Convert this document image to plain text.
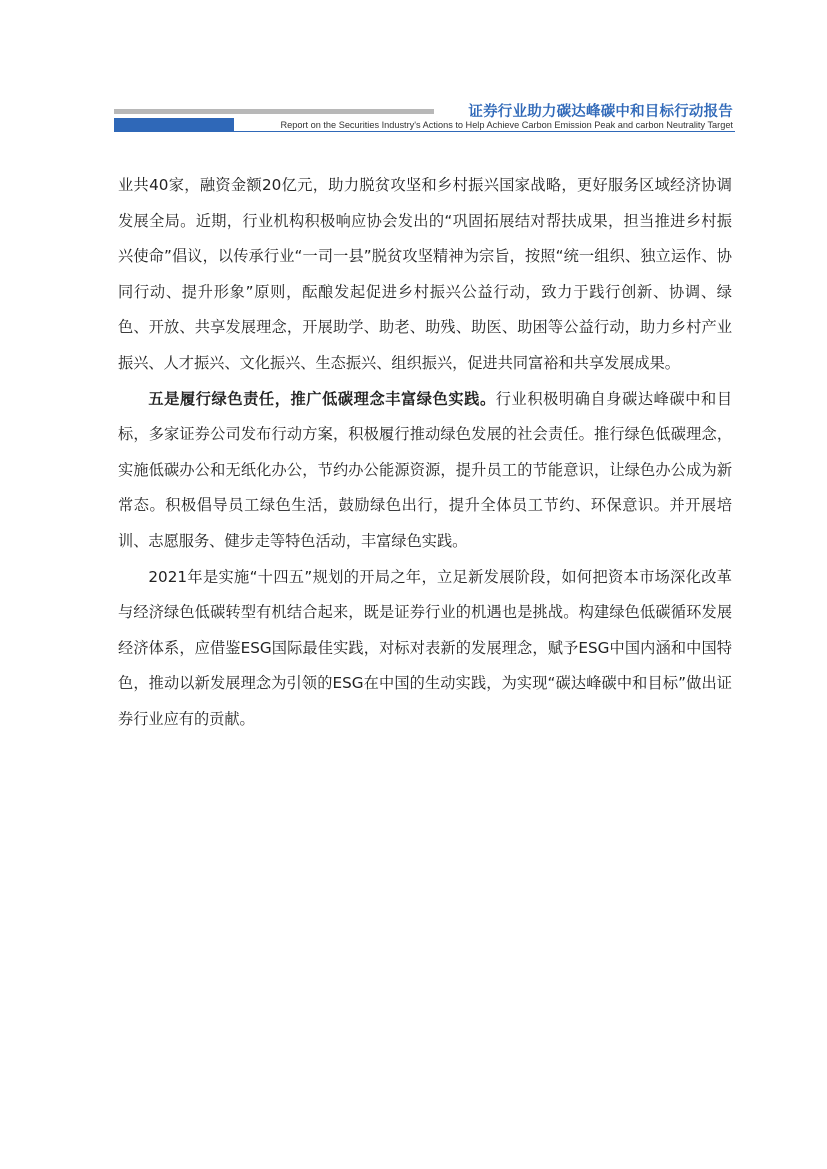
证券行业助力碳达峰碳中和目标行动报告
Report on the Securities Industry's Actions to Help Achieve Carbon Emission Peak and carbon Neutrality Target

业共40家，融资金额20亿元，助力脱贫攻坚和乡村振兴国家战略，更好服务区域经济协调发展全局。近期，行业机构积极响应协会发出的“巩固拓展结对帮扶成果，担当推进乡村振兴使命”倡议，以传承行业“一司一县”脱贫攻坚精神为宗旨，按照“统一组织、独立运作、协同行动、提升形象”原则，酝酿发起促进乡村振兴公益行动，致力于践行创新、协调、绿色、开放、共享发展理念，开展助学、助老、助残、助医、助困等公益行动，助力乡村产业振兴、人才振兴、文化振兴、生态振兴、组织振兴，促进共同富裕和共享发展成果。

五是履行绿色责任，推广低碳理念丰富绿色实践。行业积极明确自身碳达峰碳中和目标，多家证券公司发布行动方案，积极履行推动绿色发展的社会责任。推行绿色低碳理念，实施低碳办公和无纸化办公，节约办公能源资源，提升员工的节能意识，让绿色办公成为新常态。积极倡导员工绿色生活，鼓励绿色出行，提升全体员工节约、环保意识。并开展培训、志愿服务、健步走等特色活动，丰富绿色实践。

2021年是实施“十四五”规划的开局之年，立足新发展阶段，如何把资本市场深化改革与经济绿色低碳转型有机结合起来，既是证券行业的机遇也是挑战。构建绿色低碳循环发展经济体系，应借鉴ESG国际最佳实践，对标对表新的发展理念，赋予ESG中国内涵和中国特色，推动以新发展理念为引领的ESG在中国的生动实践，为实现“碳达峰碳中和目标”做出证券行业应有的贡献。
